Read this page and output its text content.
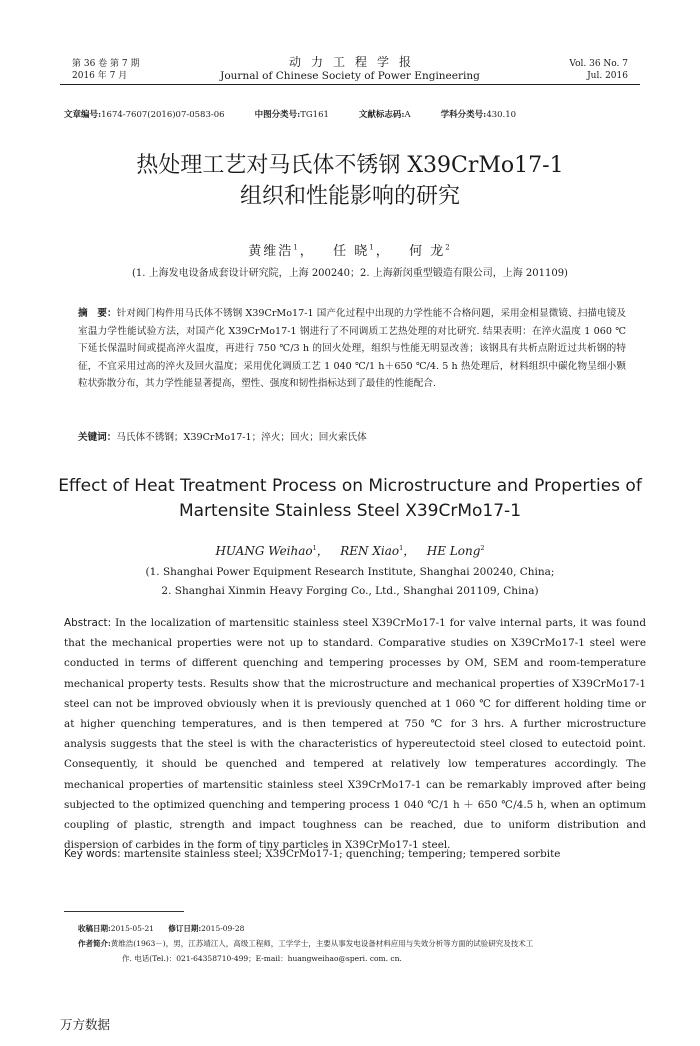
第 36 卷 第 7 期
2016 年 7 月
动力工程学报
Journal of Chinese Society of Power Engineering
Vol. 36 No. 7
Jul. 2016
文章编号:1674-7607(2016)07-0583-06	中图分类号:TG161	文献标志码:A	学科分类号:430.10
热处理工艺对马氏体不锈钢 X39CrMo17-1
组织和性能影响的研究
黄维浩$^1$， 任 晓$^1$， 何 龙$^2$
(1. 上海发电设备成套设计研究院，上海 200240；2. 上海新闵重型锻造有限公司，上海 201109)
摘　要：针对阀门构件用马氏体不锈钢 X39CrMo17-1 国产化过程中出现的力学性能不合格问题，采用金相显微镜、扫描电镜及室温力学性能试验方法，对国产化 X39CrMo17-1 钢进行了不同调质工艺热处理的对比研究. 结果表明：在淬火温度 1 060 ℃ 下延长保温时间或提高淬火温度，再进行 750 ℃/3 h 的回火处理，组织与性能无明显改善；该钢具有共析点附近过共析钢的特征，不宜采用过高的淬火及回火温度；采用优化调质工艺 1 040 ℃/1 h＋650 ℃/4. 5 h 热处理后，材料组织中碳化物呈细小颗粒状弥散分布，其力学性能显著提高，塑性、强度和韧性指标达到了最佳的性能配合.
关键词：马氏体不锈钢；X39CrMo17-1；淬火；回火；回火索氏体
Effect of Heat Treatment Process on Microstructure and Properties of
Martensite Stainless Steel X39CrMo17-1
HUANG Weihao$^1$， REN Xiao$^1$， HE Long$^2$
(1. Shanghai Power Equipment Research Institute, Shanghai 200240, China;
2. Shanghai Xinmin Heavy Forging Co., Ltd., Shanghai 201109, China)
Abstract: In the localization of martensitic stainless steel X39CrMo17-1 for valve internal parts, it was found that the mechanical properties were not up to standard. Comparative studies on X39CrMo17-1 steel were conducted in terms of different quenching and tempering processes by OM, SEM and room-temperature mechanical property tests. Results show that the microstructure and mechanical properties of X39CrMo17-1 steel can not be improved obviously when it is previously quenched at 1 060 ℃ for different holding time or at higher quenching temperatures, and is then tempered at 750 ℃ for 3 hrs. A further microstructure analysis suggests that the steel is with the characteristics of hypereutectoid steel closed to eutectoid point. Consequently, it should be quenched and tempered at relatively low temperatures accordingly. The mechanical properties of martensitic stainless steel X39CrMo17-1 can be remarkably improved after being subjected to the optimized quenching and tempering process 1 040 ℃/1 h ＋ 650 ℃/4.5 h, when an optimum coupling of plastic, strength and impact toughness can be reached, due to uniform distribution and dispersion of carbides in the form of tiny particles in X39CrMo17-1 steel.
Key words: martensite stainless steel; X39CrMo17-1; quenching; tempering; tempered sorbite
收稿日期:2015-05-21 修订日期:2015-09-28
作者简介:黄维浩(1963－)，男，江苏靖江人，高级工程师，工学学士，主要从事发电设备材料应用与失效分析等方面的试验研究及技术工
作. 电话(Tel.)：021-64358710-499；E-mail：huangweihao@speri. com. cn.
万方数据
